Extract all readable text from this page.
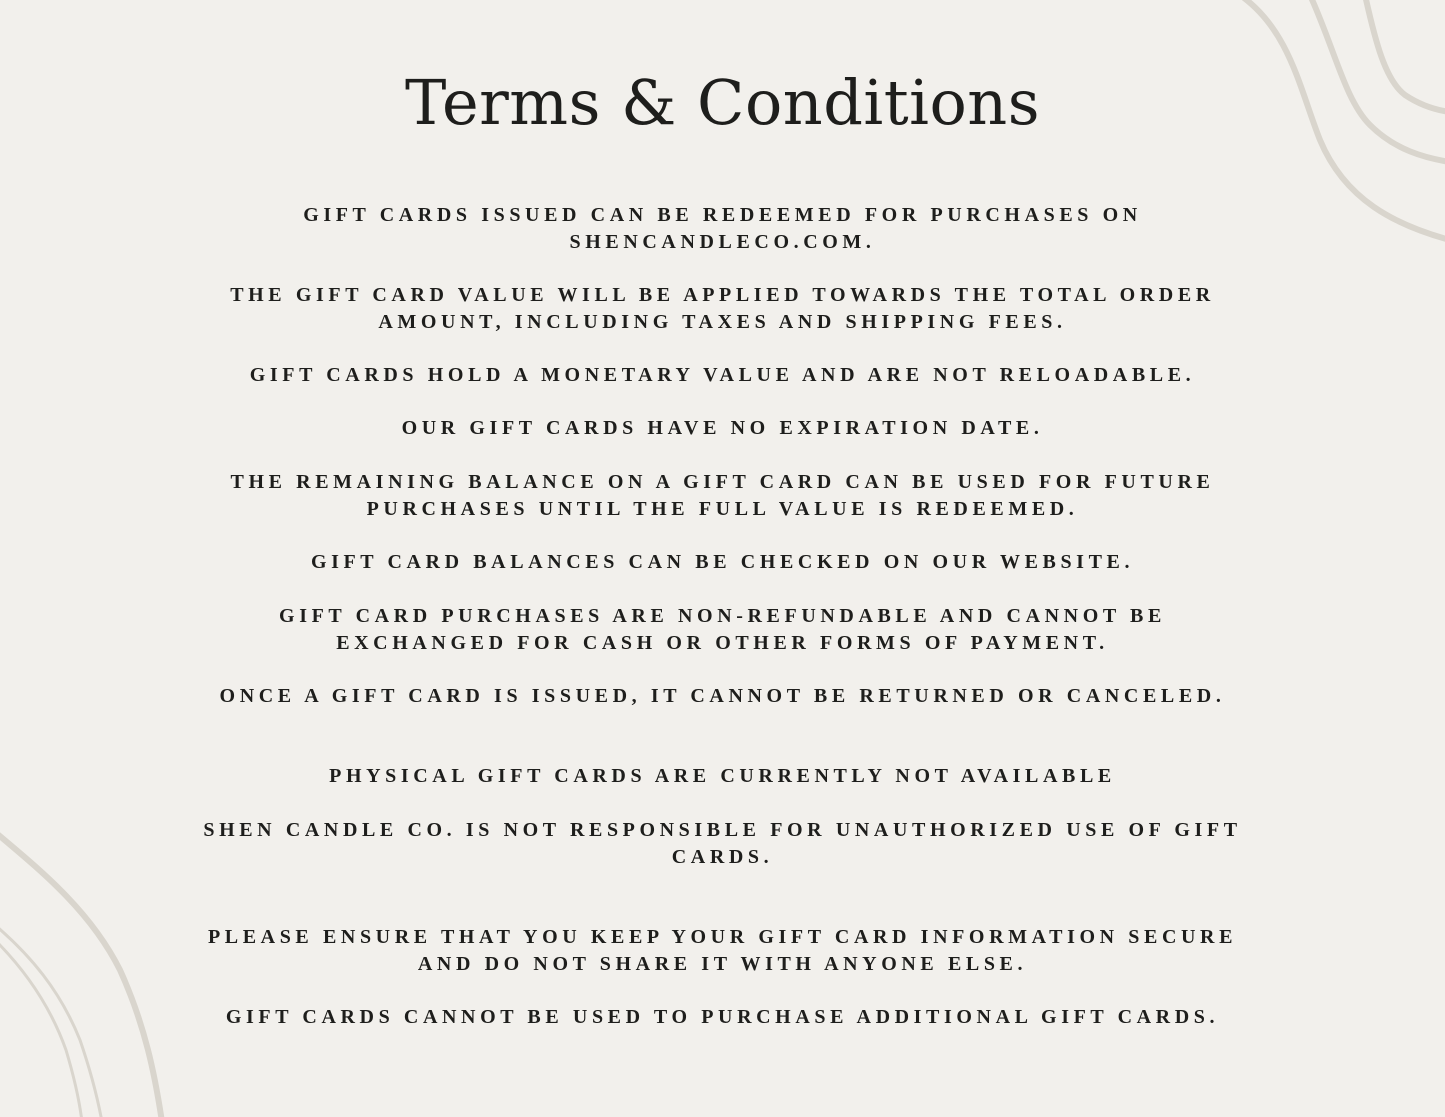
Terms & Conditions
GIFT CARDS ISSUED CAN BE REDEEMED FOR PURCHASES ON SHENCANDLECO.COM.
THE GIFT CARD VALUE WILL BE APPLIED TOWARDS THE TOTAL ORDER AMOUNT, INCLUDING TAXES AND SHIPPING FEES.
GIFT CARDS HOLD A MONETARY VALUE AND ARE NOT RELOADABLE.
OUR GIFT CARDS HAVE NO EXPIRATION DATE.
THE REMAINING BALANCE ON A GIFT CARD CAN BE USED FOR FUTURE PURCHASES UNTIL THE FULL VALUE IS REDEEMED.
GIFT CARD BALANCES CAN BE CHECKED ON OUR WEBSITE.
GIFT CARD PURCHASES ARE NON-REFUNDABLE AND CANNOT BE EXCHANGED FOR CASH OR OTHER FORMS OF PAYMENT.
ONCE A GIFT CARD IS ISSUED, IT CANNOT BE RETURNED OR CANCELED.
PHYSICAL GIFT CARDS ARE CURRENTLY NOT AVAILABLE
SHEN CANDLE CO. IS NOT RESPONSIBLE FOR UNAUTHORIZED USE OF GIFT CARDS.
PLEASE ENSURE THAT YOU KEEP YOUR GIFT CARD INFORMATION SECURE AND DO NOT SHARE IT WITH ANYONE ELSE.
GIFT CARDS CANNOT BE USED TO PURCHASE ADDITIONAL GIFT CARDS.
